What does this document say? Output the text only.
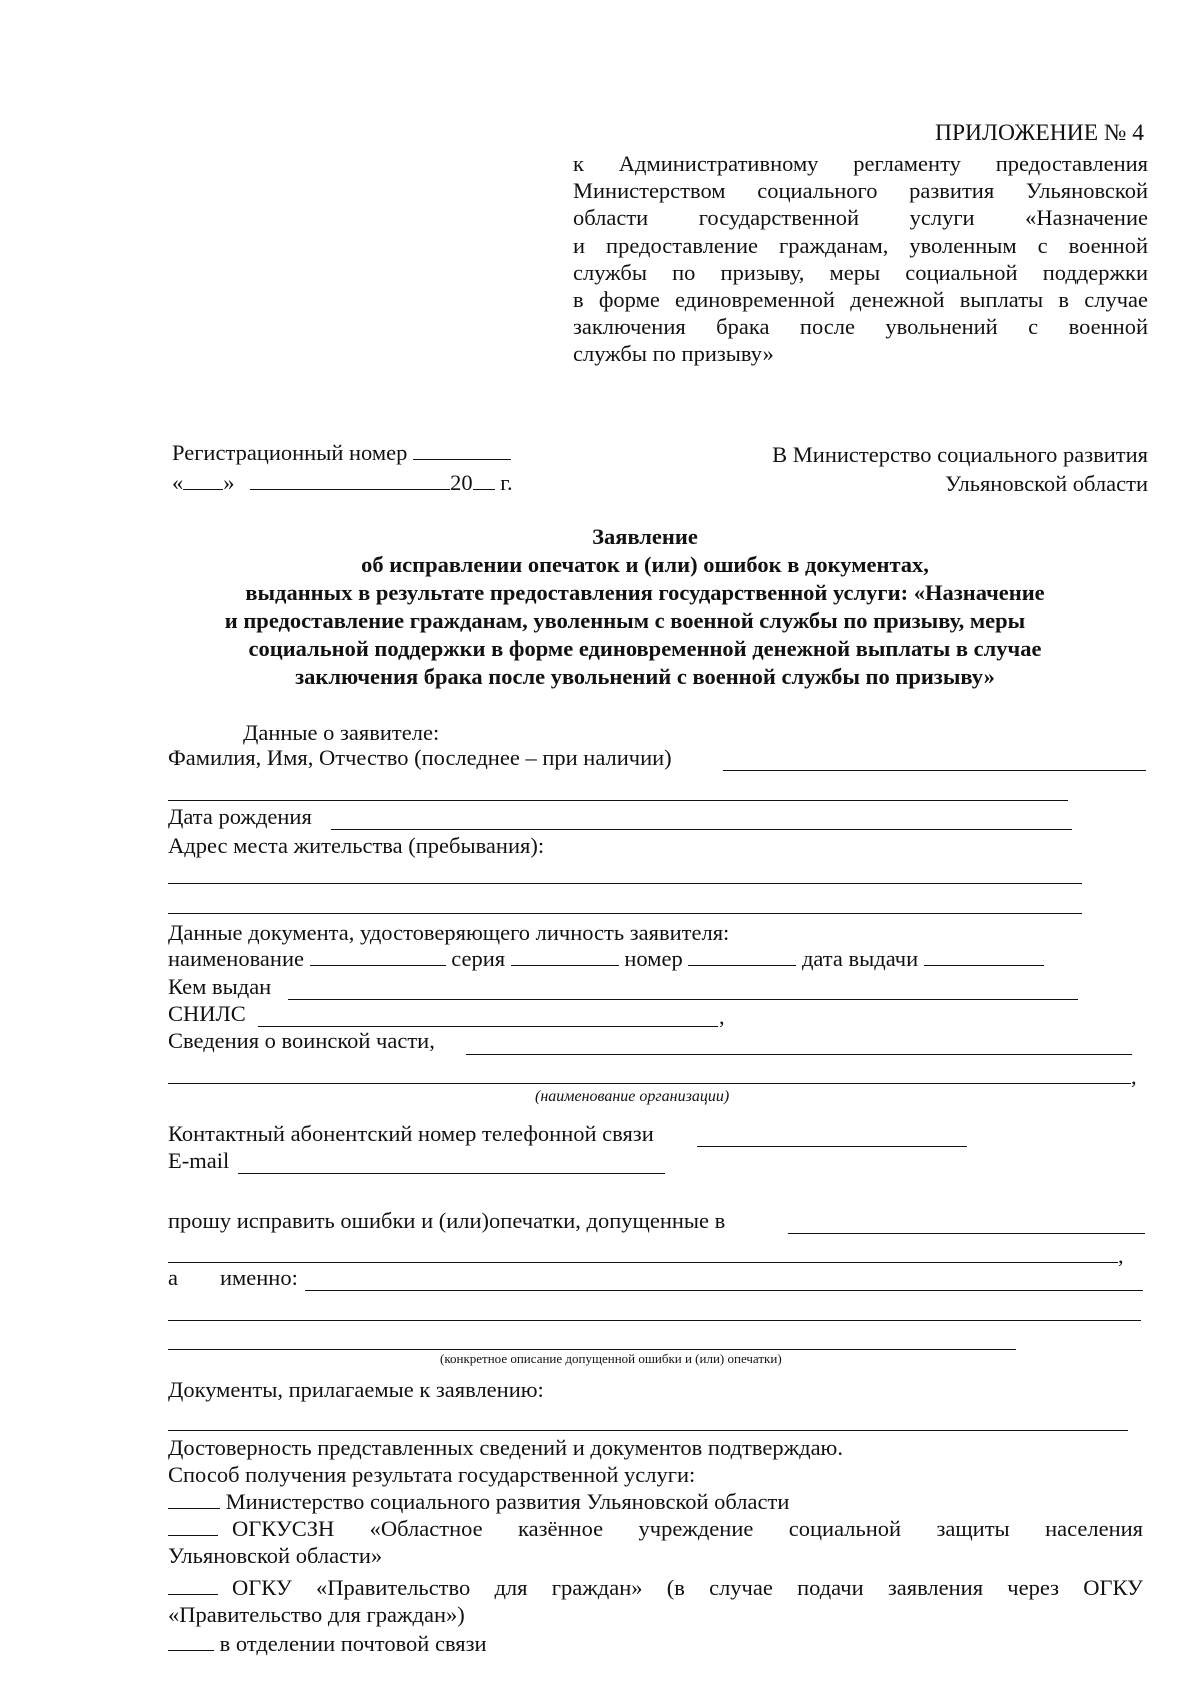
ПРИЛОЖЕНИЕ № 4
к Административному регламенту предоставления
Министерством социального развития Ульяновской
области государственной услуги «Назначение
и предоставление гражданам, уволенным с военной
службы по призыву, меры социальной поддержки
в форме единовременной денежной выплаты в случае
заключения брака после увольнений с военной
службы по призыву»
Регистрационный номер
« »	20 г.
В Министерство социального развития
Ульяновской области
Заявление
об исправлении опечаток и (или) ошибок в документах,
выданных в результате предоставления государственной услуги: «Назначение
и предоставление гражданам, уволенным с военной службы по призыву, меры
социальной поддержки в форме единовременной денежной выплаты в случае
заключения брака после увольнений с военной службы по призыву»
Данные о заявителе:
Фамилия, Имя, Отчество (последнее – при наличии)
Дата рождения
Адрес места жительства (пребывания):
Данные документа, удостоверяющего личность заявителя:
наименование	серия	номер	дата выдачи
Кем выдан
СНИЛС	,
Сведения о воинской части,
,
(наименование организации)
Контактный абонентский номер телефонной связи
E-mail
прошу исправить ошибки и (или)опечатки, допущенные в
,
а именно:
(конкретное описание допущенной ошибки и (или) опечатки)
Документы, прилагаемые к заявлению:
Достоверность представленных сведений и документов подтверждаю.
Способ получения результата государственной услуги:
Министерство социального развития Ульяновской области
ОГКУСЗН «Областное казённое учреждение социальной защиты населения
Ульяновской области»
ОГКУ «Правительство для граждан» (в случае подачи заявления через ОГКУ
«Правительство для граждан»)
в отделении почтовой связи
